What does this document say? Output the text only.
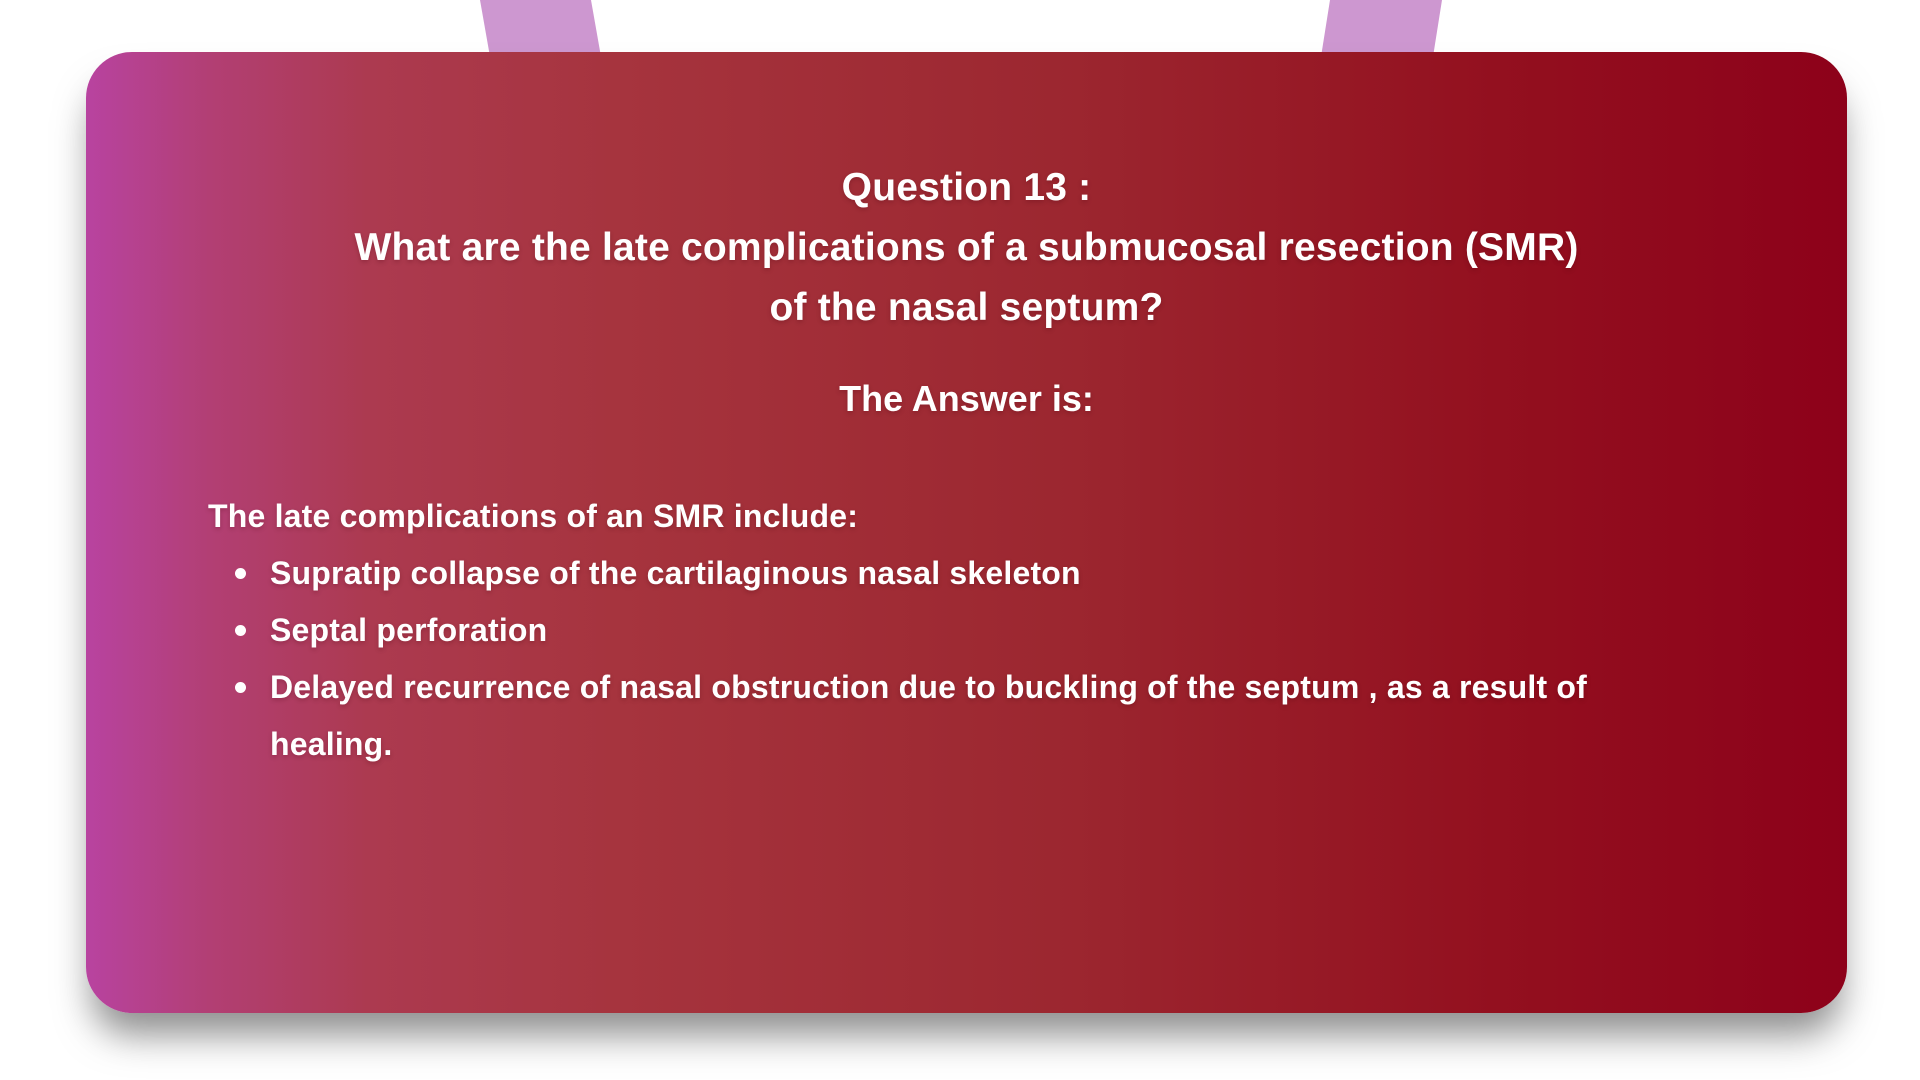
Question 13 :
What are the late complications of a submucosal resection (SMR)
of the nasal septum?
The Answer is:
The late complications of an SMR include:
Supratip collapse of the cartilaginous nasal skeleton
Septal perforation
Delayed recurrence of nasal obstruction due to buckling of the septum , as a result of healing.
